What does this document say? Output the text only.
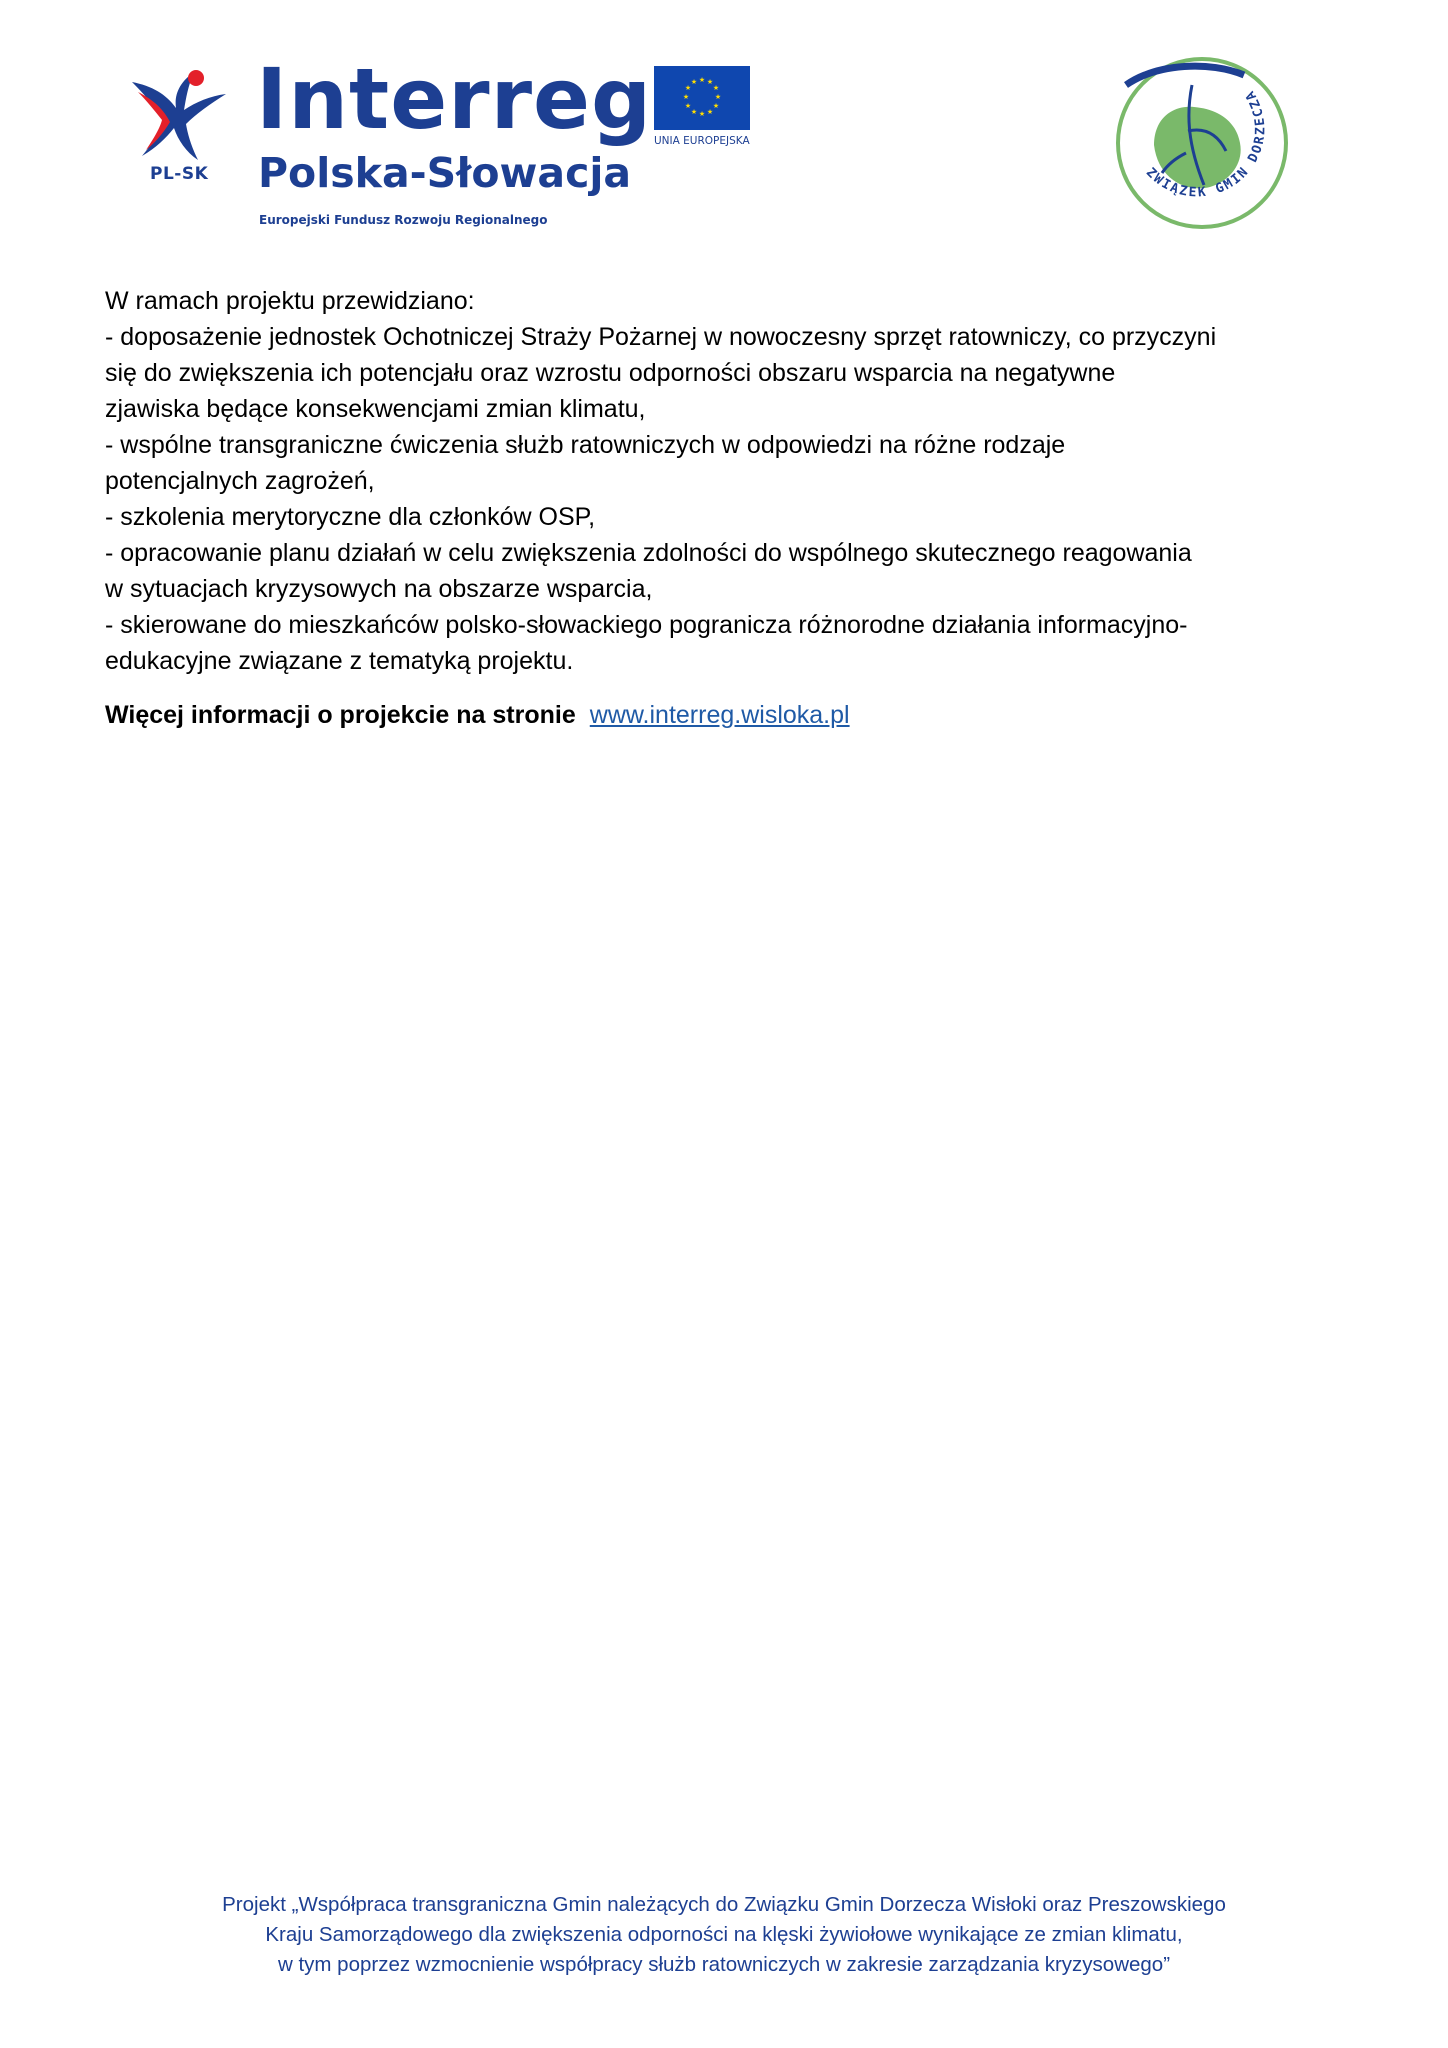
PL-SK
Interreg
Polska-Słowacja
Europejski Fundusz Rozwoju Regionalnego
★ ★
★
★
★
★
★
★
★
★
★
★
UNIA EUROPEJSKA
ZWIĄZEK GMIN DORZECZA

W ramach projektu przewidziano:

- doposażenie jednostek Ochotniczej Straży Pożarnej w nowoczesny sprzęt ratowniczy, co przyczyni

się do zwiększenia ich potencjału oraz wzrostu odporności obszaru wsparcia na negatywne

zjawiska będące konsekwencjami zmian klimatu,

- wspólne transgraniczne ćwiczenia służb ratowniczych w odpowiedzi na różne rodzaje

potencjalnych zagrożeń,

- szkolenia merytoryczne dla członków OSP,

- opracowanie planu działań w celu zwiększenia zdolności do wspólnego skutecznego reagowania

w sytuacjach kryzysowych na obszarze wsparcia,

- skierowane do mieszkańców polsko-słowackiego pogranicza różnorodne działania informacyjno-

edukacyjne związane z tematyką projektu.

Więcej informacji o projekcie na stronie www.interreg.wisloka.pl

Projekt „Współpraca transgraniczna Gmin należących do Związku Gmin Dorzecza Wisłoki oraz Preszowskiego

Kraju Samorządowego dla zwiększenia odporności na klęski żywiołowe wynikające ze zmian klimatu,

w tym poprzez wzmocnienie współpracy służb ratowniczych w zakresie zarządzania kryzysowego”
